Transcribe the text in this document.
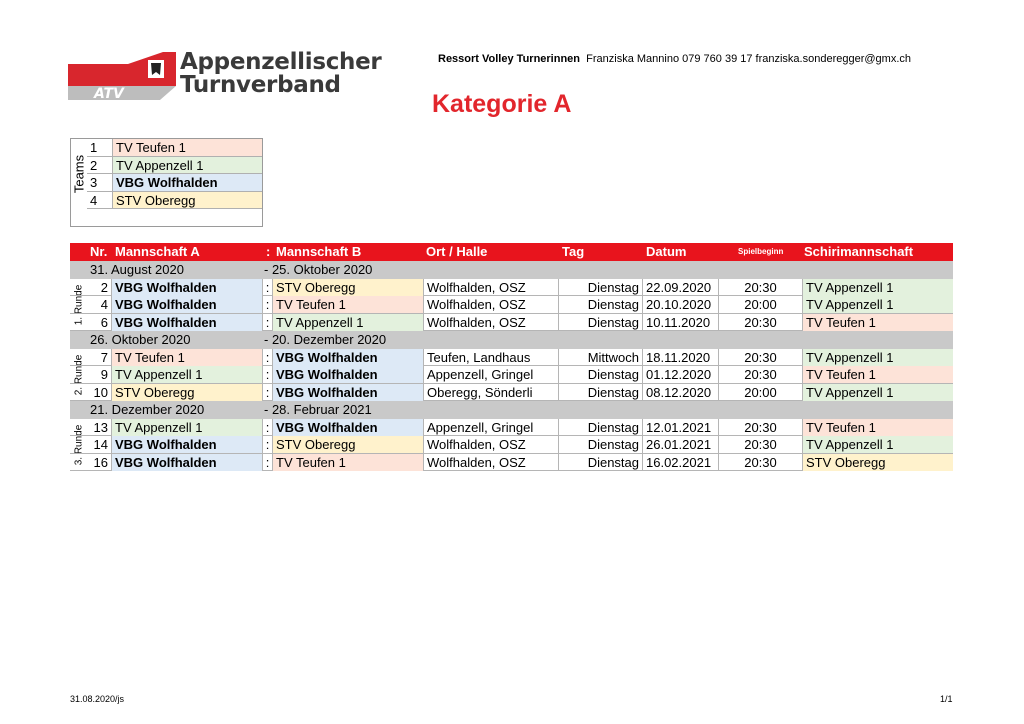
ATV
Appenzellischer
Turnverband
Ressort Volley Turnerinnen Franziska Mannino 079 760 39 17 franziska.sonderegger@gmx.ch
Kategorie A
Teams
1	TV Teufen 1
2	TV Appenzell 1
3	VBG Wolfhalden
4	STV Oberegg
Nr. Mannschaft A	: Mannschaft B	Ort / Halle	Tag	Datum	Spielbeginn Schirimannschaft
31. August 2020	- 25. Oktober 2020
1. Runde	2 VBG Wolfhalden	: STV Oberegg	Wolfhalden, OSZ	Dienstag 22.09.2020	20:30	TV Appenzell 1
4 VBG Wolfhalden	: TV Teufen 1	Wolfhalden, OSZ	Dienstag 20.10.2020	20:00	TV Appenzell 1
6 VBG Wolfhalden	: TV Appenzell 1	Wolfhalden, OSZ	Dienstag 10.11.2020	20:30	TV Teufen 1
26. Oktober 2020	- 20. Dezember 2020
2. Runde	7 TV Teufen 1	: VBG Wolfhalden	Teufen, Landhaus	Mittwoch 18.11.2020	20:30	TV Appenzell 1
9 TV Appenzell 1	: VBG Wolfhalden	Appenzell, Gringel	Dienstag 01.12.2020	20:30	TV Teufen 1
10 STV Oberegg	: VBG Wolfhalden	Oberegg, Sönderli	Dienstag 08.12.2020	20:00	TV Appenzell 1
21. Dezember 2020	- 28. Februar 2021
3. Runde 13 TV Appenzell 1	: VBG Wolfhalden	Appenzell, Gringel	Dienstag 12.01.2021	20:30	TV Teufen 1
14 VBG Wolfhalden	: STV Oberegg	Wolfhalden, OSZ	Dienstag 26.01.2021	20:30	TV Appenzell 1
16 VBG Wolfhalden	: TV Teufen 1	Wolfhalden, OSZ	Dienstag 16.02.2021	20:30	STV Oberegg
31.08.2020/js	1/1
